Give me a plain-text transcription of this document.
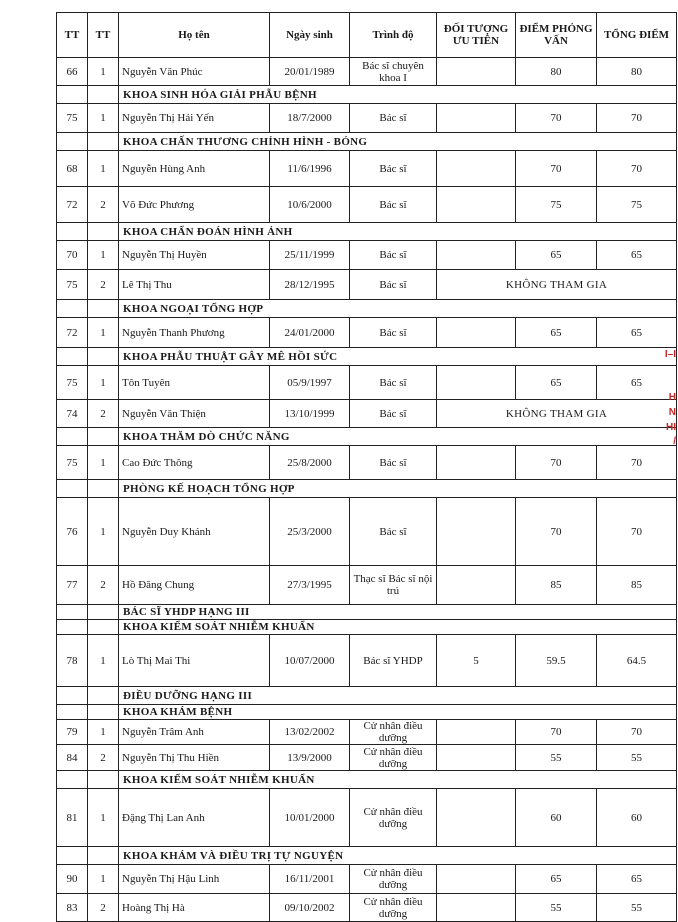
TT	TT	Họ tên	Ngày sinh	Trình độ	ĐỐI TƯỢNG ƯU TIÊN	ĐIỂM PHỎNG VẤN	TỔNG ĐIỂM
66	1	Nguyễn Văn Phúc	20/01/1989	Bác sĩ chuyên khoa I		80	80
		KHOA SINH HÓA GIẢI PHẪU BỆNH					
75	1	Nguyễn Thị Hải Yến	18/7/2000	Bác sĩ		70	70
		KHOA CHẤN THƯƠNG CHỈNH HÌNH - BỎNG					
68	1	Nguyễn Hùng Anh	11/6/1996	Bác sĩ		70	70
72	2	Võ Đức Phương	10/6/2000	Bác sĩ		75	75
		KHOA CHẨN ĐOÁN HÌNH ẢNH					
70	1	Nguyễn Thị Huyền	25/11/1999	Bác sĩ		65	65
75	2	Lê Thị Thu	28/12/1995	Bác sĩ	KHÔNG THAM GIA		
		KHOA NGOẠI TỔNG HỢP					
72	1	Nguyễn Thanh Phương	24/01/2000	Bác sĩ		65	65
		KHOA PHẪU THUẬT GÂY MÊ HỒI SỨC					
75	1	Tôn Tuyên	05/9/1997	Bác sĩ		65	65
74	2	Nguyễn Văn Thiện	13/10/1999	Bác sĩ	KHÔNG THAM GIA		
		KHOA THĂM DÒ CHỨC NĂNG					
75	1	Cao Đức Thông	25/8/2000	Bác sĩ		70	70
		PHÒNG KẾ HOẠCH TỔNG HỢP					
76	1	Nguyễn Duy Khánh	25/3/2000	Bác sĩ		70	70
77	2	Hồ Đăng Chung	27/3/1995	Thạc sĩ Bác sĩ nội trú		85	85
		BÁC SĨ YHDP HẠNG III					
		KHOA KIỂM SOÁT NHIỄM KHUẨN					
78	1	Lò Thị Mai Thi	10/07/2000	Bác sĩ YHDP	5	59.5	64.5
		ĐIỀU DƯỠNG HẠNG III					
		KHOA KHÁM BỆNH					
79	1	Nguyễn Trâm Anh	13/02/2002	Cử nhân điều dưỡng		70	70
84	2	Nguyễn Thị Thu Hiền	13/9/2000	Cử nhân điều dưỡng		55	55
		KHOA KIỂM SOÁT NHIỄM KHUẨN					
81	1	Đặng Thị Lan Anh	10/01/2000	Cử nhân điều dưỡng		60	60
		KHOA KHÁM VÀ ĐIỀU TRỊ TỰ NGUYỆN					
90	1	Nguyễn Thị Hậu Linh	16/11/2001	Cử nhân điều dưỡng		65	65
83	2	Hoàng Thị Hà	09/10/2002	Cử nhân điều dưỡng		55	55
I–I
H
N
HI
/
